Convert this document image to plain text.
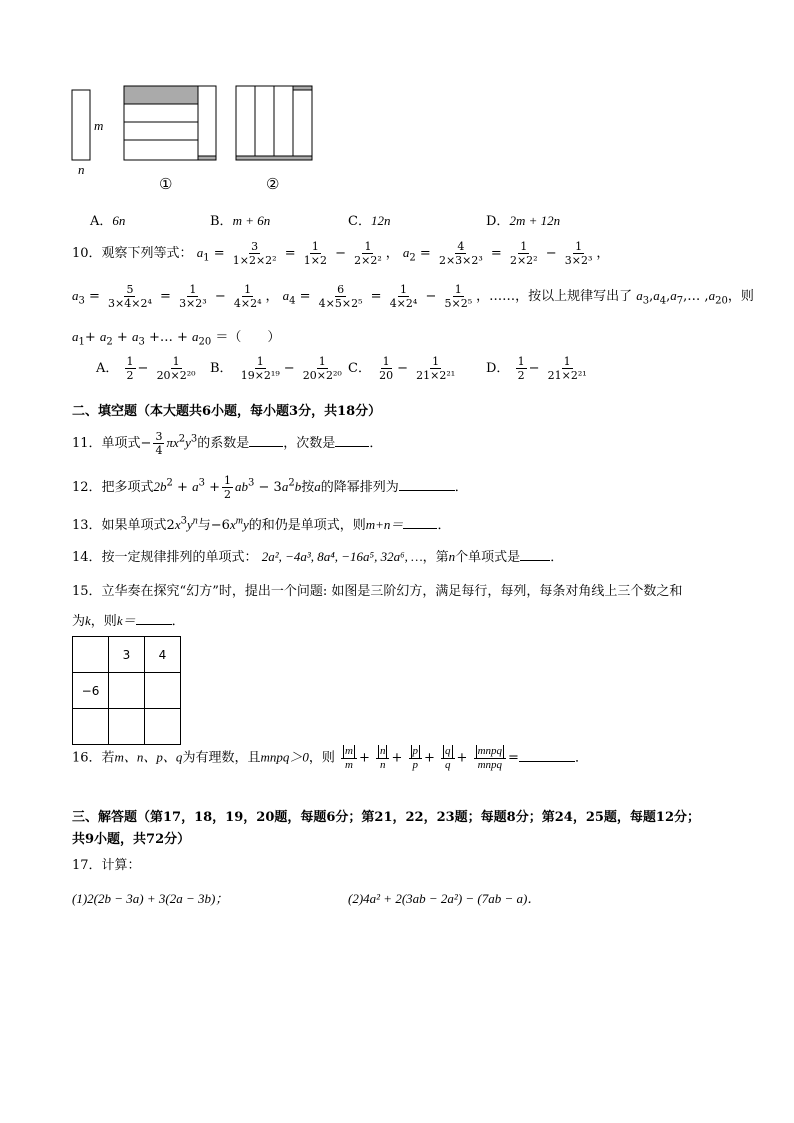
m
n
①	②
A．6n	B．m + 6n	C．12n	D．2m + 12n
10．观察下列等式： $a_1 = \frac{3}{\text{1×2×2²}} = \frac{1}{1\times 2} - \frac{1}{\text{2×2²}}$ ， $a_2 = \frac{4}{\text{2×3×2³}} = \frac{1}{\text{2×2²}} - \frac{1}{\text{3×2³}}$ ，
$a_3 = \frac{5}{\text{3×4×2⁴}} = \frac{1}{\text{3×2³}} - \frac{1}{\text{4×2⁴}}$ ， $a_4 = \frac{6}{\text{4×5×2⁵}} = \frac{1}{\text{4×2⁴}} - \frac{1}{\text{5×2⁵}}$ ，……，按以上规律写出了 $a_3,a_4,a_7,\dots$ $,a_{20}$，则
$a_1+ a_2 + a_3$ +… + $a_{20}$ ＝（　　）
A． $\frac{1}{2} - \frac{1}{\text{20×2²⁰}}$ B． $\frac{1}{\text{19×2¹⁹}} - \frac{1}{\text{20×2²⁰}}$ C． $\frac{1}{20} - \frac{1}{\text{21×2²¹}}$ D． $\frac{1}{2} - \frac{1}{\text{21×2²¹}}$
二、填空题（本大题共6小题，每小题3分，共18分）
11．单项式− $\frac{3}{4} \pi x^2y^3$的系数是	，次数是	．
12．把多项式$2b^2 + a^3 + \frac{1}{2} ab^3 - 3a^2b$按a的降幂排列为	．
13．如果单项式$2x^3y^n$与$-6x^my$的和仍是单项式，则m+n＝	．
14．按一定规律排列的单项式： 2a², −4a³, 8a⁴, −16a⁵, 32a⁶, …，第n个单项式是 ．
15．立华奏在探究“幻方”时，提出一个问题: 如图是三阶幻方，满足每行，每列，每条对角线上三个数之和
为k，则k＝	．
	3	4
−6		

16．若m、n、p、q为有理数，且mnpq＞0，则 $\frac{m}{m} + \frac{n}{n} + \frac{p}{p} + \frac{q}{q}$ + mnpq
mnpq =	．
三、解答题（第17，18，19，20题，每题6分；第21，22，23题；每题8分；第24，25题，每题12分；
共9小题，共72分）
17．计算：
(1)2(2b − 3a) + 3(2a − 3b)；	(2)4a² + 2(3ab − 2a²) − (7ab − a)．
